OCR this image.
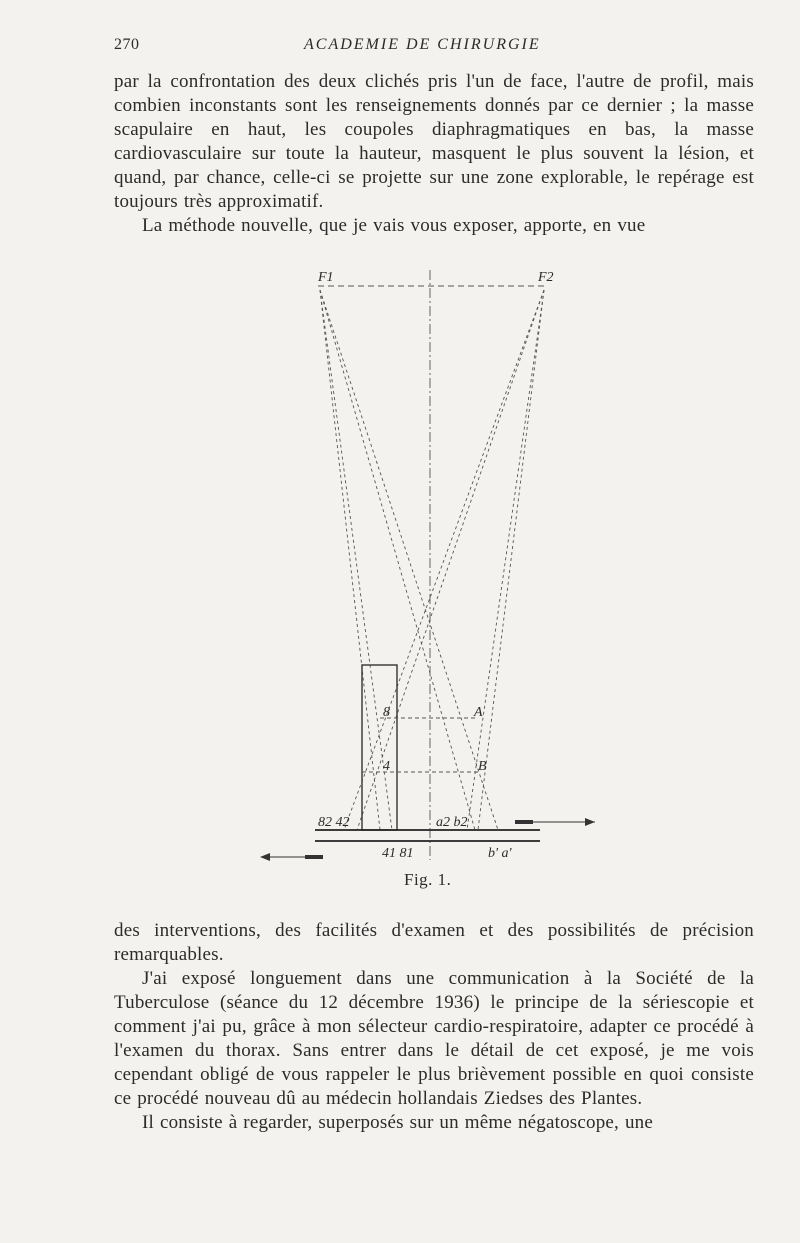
270	ACADEMIE DE CHIRURGIE

par la confrontation des deux clichés pris l'un de face, l'autre de profil, mais combien inconstants sont les renseignements donnés par ce dernier ; la masse scapulaire en haut, les coupoles diaphragmatiques en bas, la masse cardiovasculaire sur toute la hauteur, masquent le plus souvent la lésion, et quand, par chance, celle-ci se projette sur une zone explorable, le repérage est toujours très approximatif.

La méthode nouvelle, que je vais vous exposer, apporte, en vue

F1	F2
8	A
4	B
82 42	a2 b2
41 81	b' a'
Fig. 1.

des interventions, des facilités d'examen et des possibilités de précision remarquables.

J'ai exposé longuement dans une communication à la Société de la Tuberculose (séance du 12 décembre 1936) le principe de la sériescopie et comment j'ai pu, grâce à mon sélecteur cardio-respiratoire, adapter ce procédé à l'examen du thorax. Sans entrer dans le détail de cet exposé, je me vois cependant obligé de vous rappeler le plus brièvement possible en quoi consiste ce procédé nouveau dû au médecin hollandais Ziedses des Plantes.

Il consiste à regarder, superposés sur un même négatoscope, une
